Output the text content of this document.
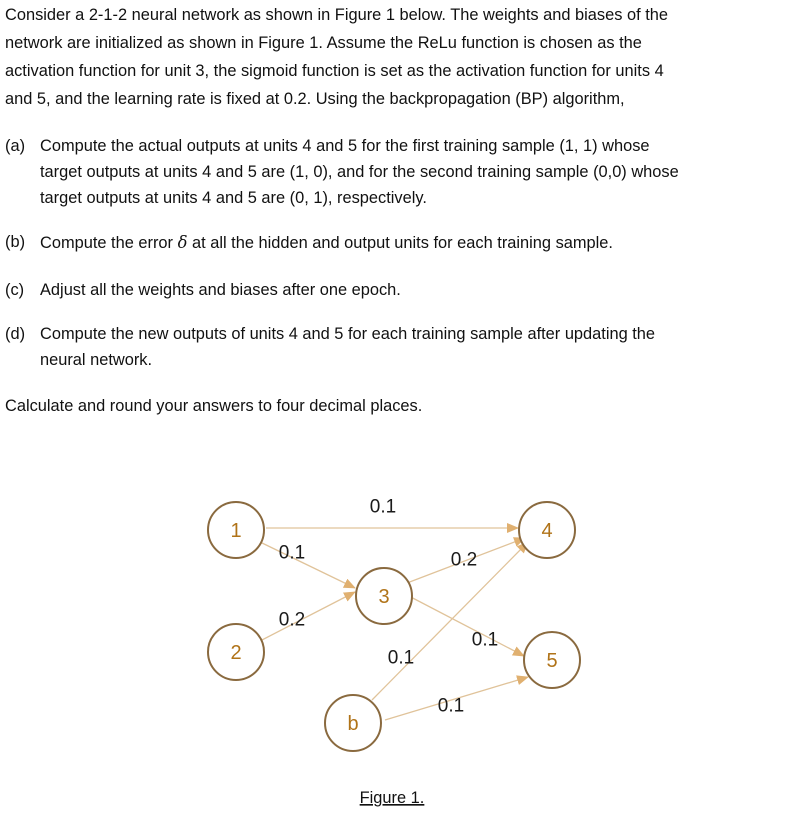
Consider a 2-1-2 neural network as shown in Figure 1 below. The weights and biases of the

network are initialized as shown in Figure 1. Assume the ReLu function is chosen as the

activation function for unit 3, the sigmoid function is set as the activation function for units 4

and 5, and the learning rate is fixed at 0.2. Using the backpropagation (BP) algorithm,

(a) Compute the actual outputs at units 4 and 5 for the first training sample (1, 1) whose
target outputs at units 4 and 5 are (1, 0), and for the second training sample (0,0) whose
target outputs at units 4 and 5 are (0, 1), respectively.
(b) Compute the error δ at all the hidden and output units for each training sample.
(c) Adjust all the weights and biases after one epoch.
(d) Compute the new outputs of units 4 and 5 for each training sample after updating the
neural network.

Calculate and round your answers to four decimal places.

0.1
0.1
0.2
0.2
0.1
0.1
0.1
1
2
3
4
5
b
Figure 1.
